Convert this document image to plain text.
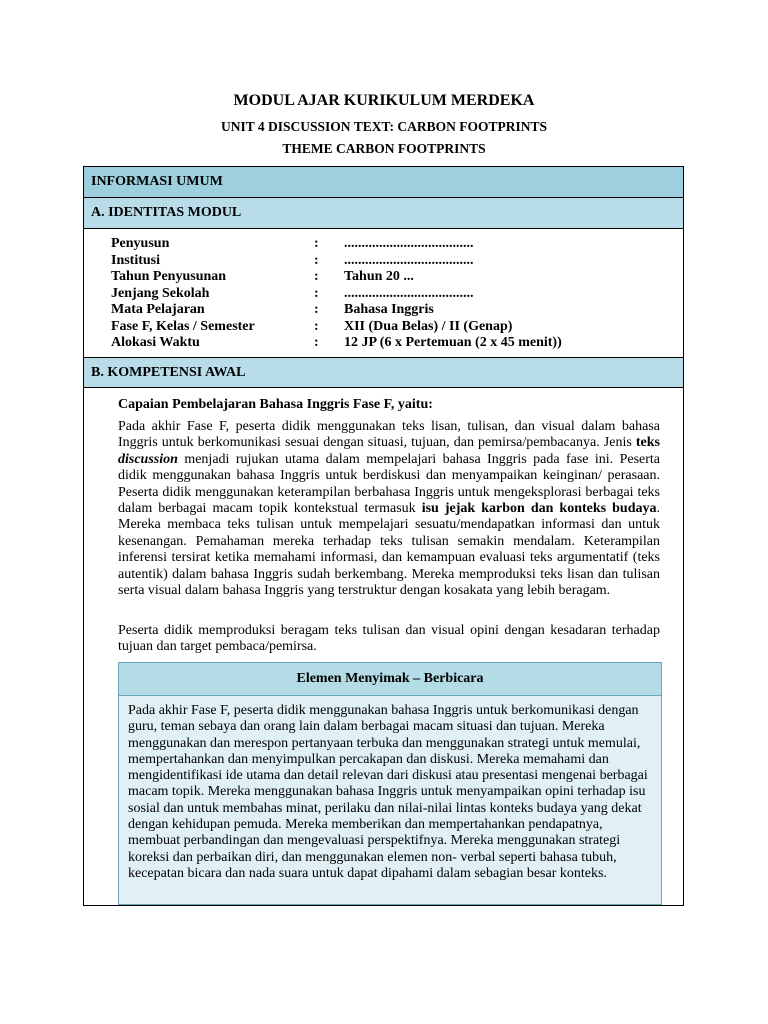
MODUL AJAR KURIKULUM MERDEKA
UNIT 4 DISCUSSION TEXT: CARBON FOOTPRINTS
THEME CARBON FOOTPRINTS
INFORMASI UMUM
A. IDENTITAS MODUL
Penyusun	: .....................................
Institusi	: .....................................
Tahun Penyusunan	: Tahun 20 ...
Jenjang Sekolah	: .....................................
Mata Pelajaran	: Bahasa Inggris
Fase F, Kelas / Semester	: XII (Dua Belas) / II (Genap)
Alokasi Waktu	: 12 JP (6 x Pertemuan (2 x 45 menit))
B. KOMPETENSI AWAL
Capaian Pembelajaran Bahasa Inggris Fase F, yaitu:
Pada akhir Fase F, peserta didik menggunakan teks lisan, tulisan, dan visual dalam bahasa Inggris untuk berkomunikasi sesuai dengan situasi, tujuan, dan pemirsa/pembacanya. Jenis teks discussion menjadi rujukan utama dalam mempelajari bahasa Inggris pada fase ini. Peserta didik menggunakan bahasa Inggris untuk berdiskusi dan menyampaikan keinginan/ perasaan. Peserta didik menggunakan keterampilan berbahasa Inggris untuk mengeksplorasi berbagai teks dalam berbagai macam topik kontekstual termasuk isu jejak karbon dan konteks budaya. Mereka membaca teks tulisan untuk mempelajari sesuatu/mendapatkan informasi dan untuk kesenangan. Pemahaman mereka terhadap teks tulisan semakin mendalam. Keterampilan inferensi tersirat ketika memahami informasi, dan kemampuan evaluasi teks argumentatif (teks autentik) dalam bahasa Inggris sudah berkembang. Mereka memproduksi teks lisan dan tulisan serta visual dalam bahasa Inggris yang terstruktur dengan kosakata yang lebih beragam.
Peserta didik memproduksi beragam teks tulisan dan visual opini dengan kesadaran terhadap tujuan dan target pembaca/pemirsa.
Elemen Menyimak – Berbicara
Pada akhir Fase F, peserta didik menggunakan bahasa Inggris untuk berkomunikasi dengan guru, teman sebaya dan orang lain dalam berbagai macam situasi dan tujuan. Mereka menggunakan dan merespon pertanyaan terbuka dan menggunakan strategi untuk memulai, mempertahankan dan menyimpulkan percakapan dan diskusi. Mereka memahami dan mengidentifikasi ide utama dan detail relevan dari diskusi atau presentasi mengenai berbagai macam topik. Mereka menggunakan bahasa Inggris untuk menyampaikan opini terhadap isu sosial dan untuk membahas minat, perilaku dan nilai-nilai lintas konteks budaya yang dekat dengan kehidupan pemuda. Mereka memberikan dan mempertahankan pendapatnya, membuat perbandingan dan mengevaluasi perspektifnya. Mereka menggunakan strategi koreksi dan perbaikan diri, dan menggunakan elemen non- verbal seperti bahasa tubuh, kecepatan bicara dan nada suara untuk dapat dipahami dalam sebagian besar konteks.
